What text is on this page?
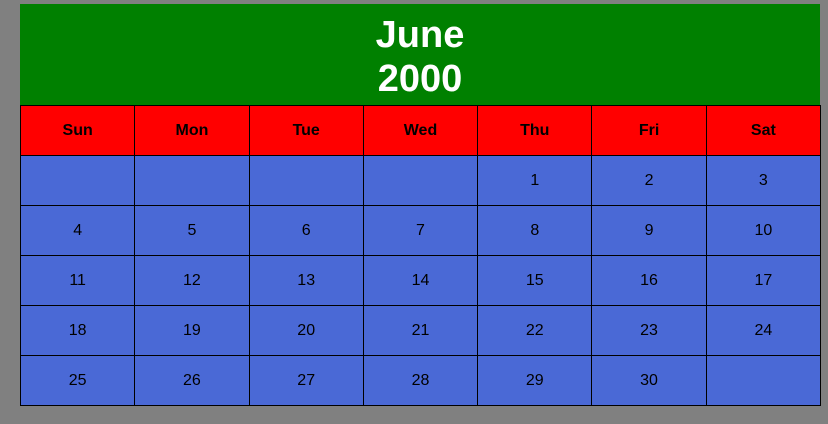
June
2000
Sun	Mon	Tue	Wed	Thu	Fri	Sat
				1	2	3
4	5	6	7	8	9	10
11	12	13	14	15	16	17
18	19	20	21	22	23	24
25	26	27	28	29	30	
